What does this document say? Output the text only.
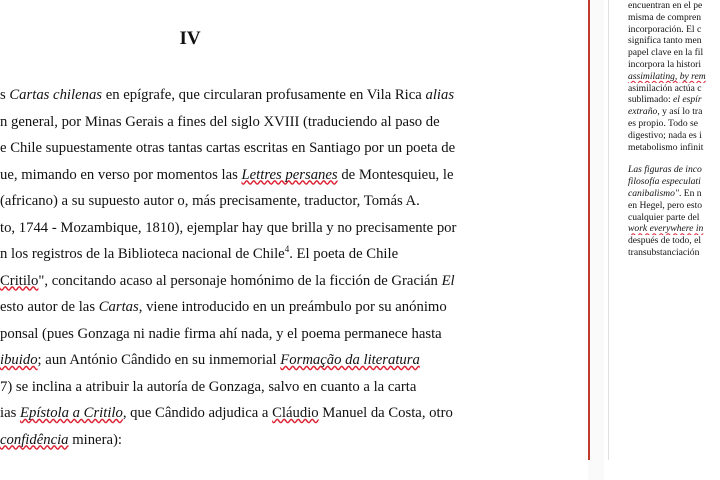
IV
s Cartas chilenas en epígrafe, que circularan profusamente en Vila Rica alias
n general, por Minas Gerais a fines del siglo XVIII (traduciendo al paso de
e Chile supuestamente otras tantas cartas escritas en Santiago por un poeta de
ue, mimando en verso por momentos las Lettres persanes de Montesquieu, le
(africano) a su supuesto autor o, más precisamente, traductor, Tomás A.
to, 1744 - Mozambique, 1810), ejemplar hay que brilla y no precisamente por
n los registros de la Biblioteca nacional de Chile$^4$. El poeta de Chile
Critilo", concitando acaso al personaje homónimo de la ficción de Gracián El
esto autor de las Cartas, viene introducido en un preámbulo por su anónimo
ponsal (pues Gonzaga ni nadie firma ahí nada, y el poema permanece hasta
ibuido; aun António Cândido en su inmemorial Formação da literatura
7) se inclina a atribuir la autoría de Gonzaga, salvo en cuanto a la carta
ias Epístola a Critilo, que Cândido adjudica a Cláudio Manuel da Costa, otro
confidência minera):
encuentran en el pe
misma de compren
incorporación. El c
significa tanto men
papel clave en la fil
incorpora la histori
assimilating, by rem
asimilación actúa c
sublimado: el espír
extraño, y así lo tra
es propio. Todo se
digestivo; nada es i
metabolismo infinit
Las figuras de inco
filosofía especulati
canibalismo". En n
en Hegel, pero esto
cualquier parte del
work everywhere in
después de todo, el
transubstanciación
